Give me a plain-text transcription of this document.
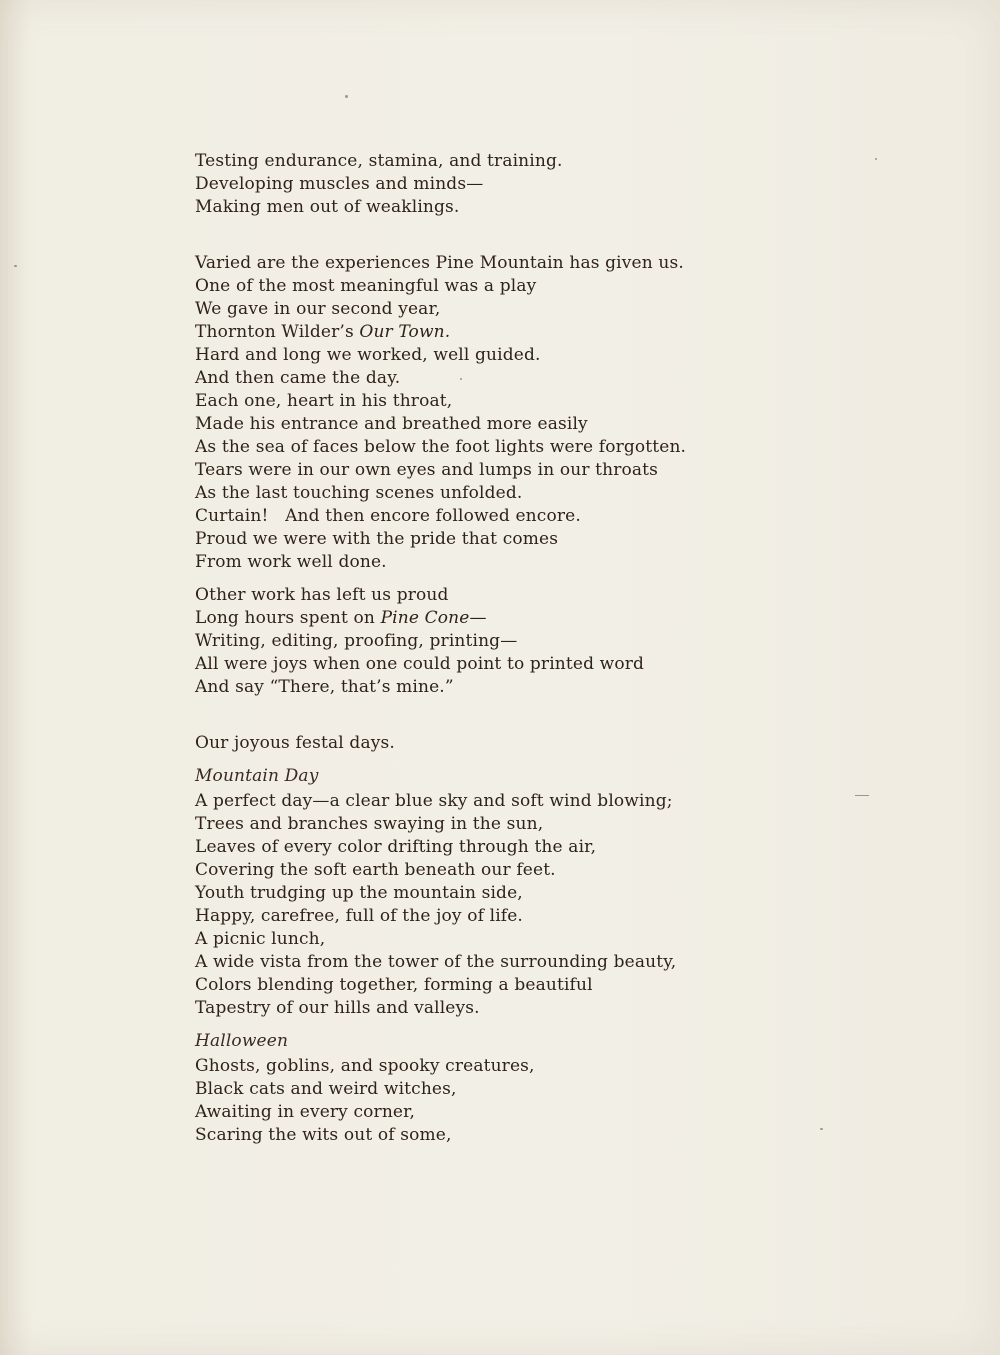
Testing endurance, stamina, and training.
Developing muscles and minds—
Making men out of weaklings.
Varied are the experiences Pine Mountain has given us.
One of the most meaningful was a play
We gave in our second year,
Thornton Wilder’s Our Town.
Hard and long we worked, well guided.
And then came the day.
Each one, heart in his throat,
Made his entrance and breathed more easily
As the sea of faces below the foot lights were forgotten.
Tears were in our own eyes and lumps in our throats
As the last touching scenes unfolded.
Curtain!   And then encore followed encore.
Proud we were with the pride that comes
From work well done.
Other work has left us proud
Long hours spent on Pine Cone—
Writing, editing, proofing, printing—
All were joys when one could point to printed word
And say “There, that’s mine.”
Our joyous festal days.
Mountain Day
A perfect day—a clear blue sky and soft wind blowing;
Trees and branches swaying in the sun,
Leaves of every color drifting through the air,
Covering the soft earth beneath our feet.
Youth trudging up the mountain side,
Happy, carefree, full of the joy of life.
A picnic lunch,
A wide vista from the tower of the surrounding beauty,
Colors blending together, forming a beautiful
Tapestry of our hills and valleys.
Halloween
Ghosts, goblins, and spooky creatures,
Black cats and weird witches,
Awaiting in every corner,
Scaring the wits out of some,
